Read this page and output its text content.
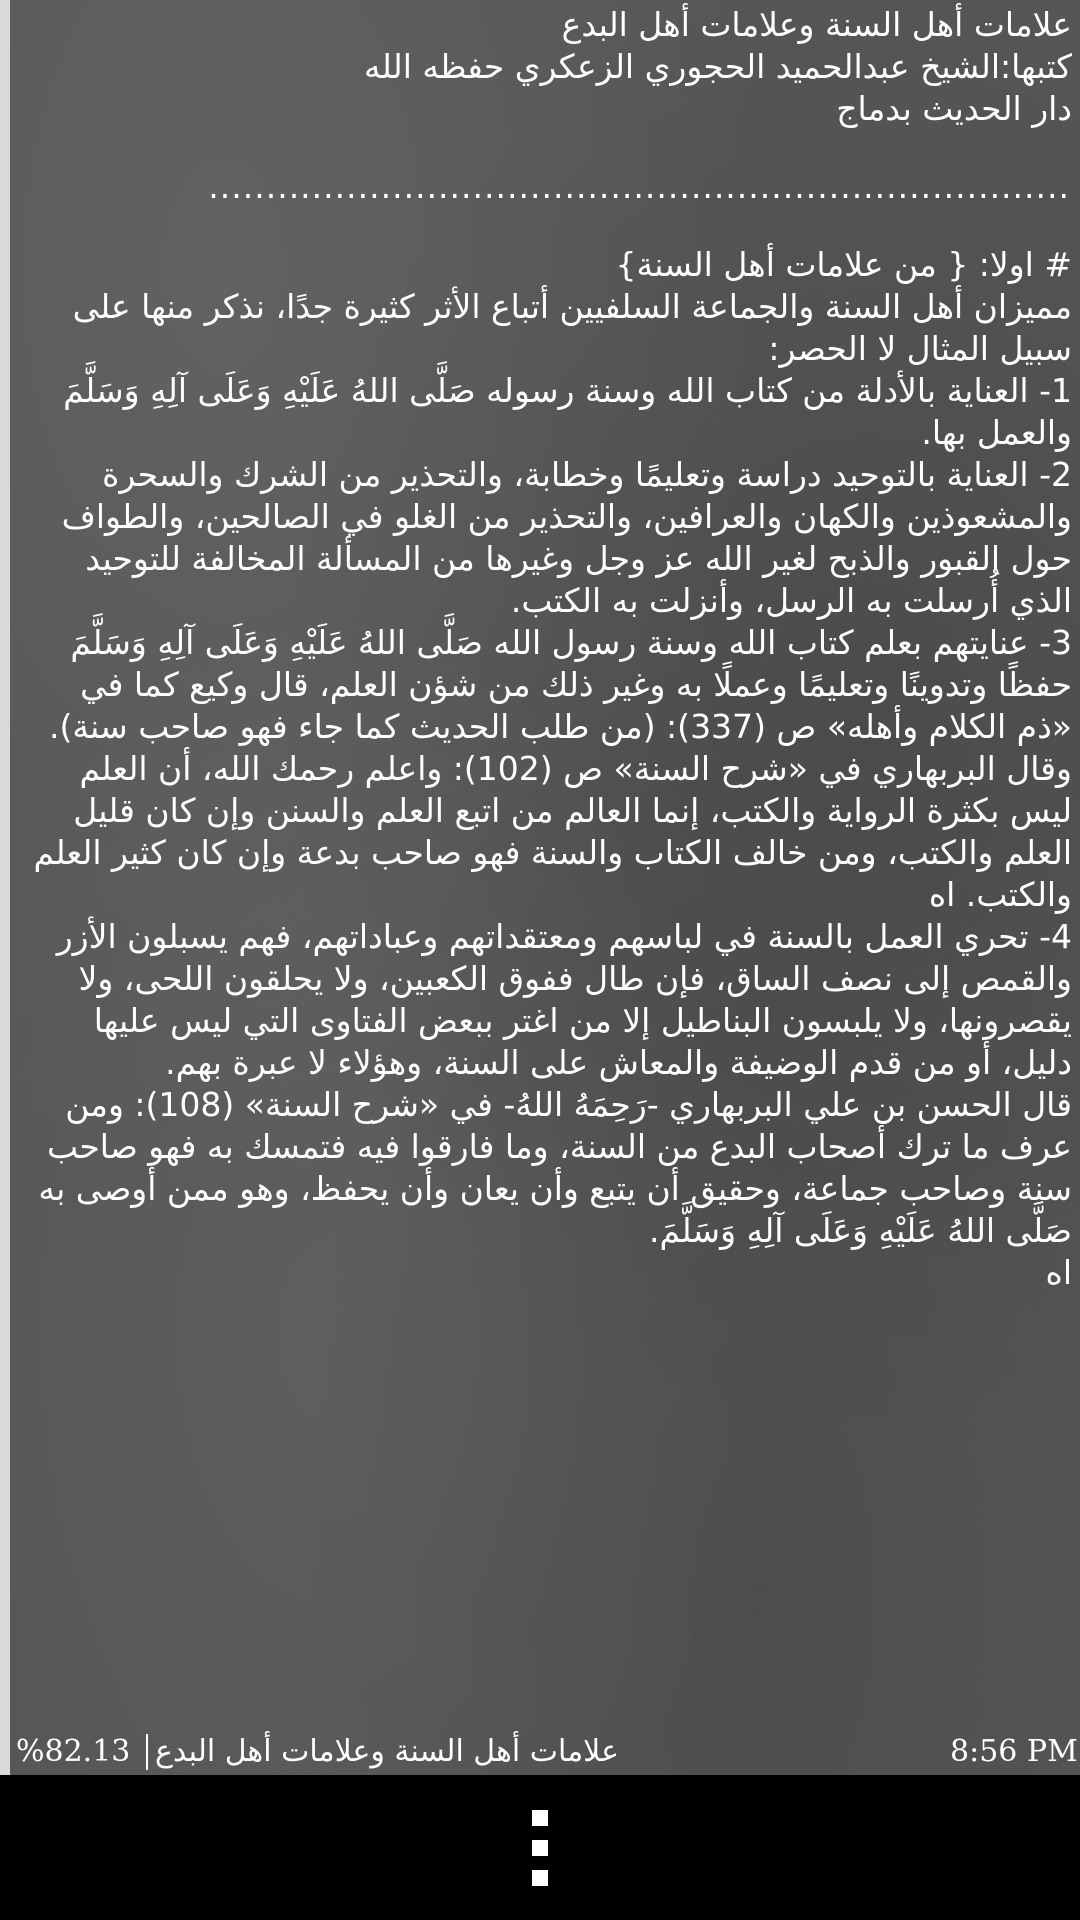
علامات أهل السنة وعلامات أهل البدع

كتبها:الشيخ عبدالحميد الحجوري الزعكري حفظه الله

دار الحديث بدماج

...........................................................................

# اولا: { من علامات أهل السنة}

مميزان أهل السنة والجماعة السلفيين أتباع الأثر كثيرة جدًا، نذكر منها على سبيل المثال لا الحصر:

1- العناية بالأدلة من كتاب الله وسنة رسوله صَلَّى اللهُ عَلَيْهِ وَعَلَى آلِهِ وَسَلَّمَ والعمل بها.

2- العناية بالتوحيد دراسة وتعليمًا وخطابة، والتحذير من الشرك والسحرة والمشعوذين والكهان والعرافين، والتحذير من الغلو في الصالحين، والطواف حول القبور والذبح لغير الله عز وجل وغيرها من المسألة المخالفة للتوحيد الذي أُرسلت به الرسل، وأنزلت به الكتب.

3- عنايتهم بعلم كتاب الله وسنة رسول الله صَلَّى اللهُ عَلَيْهِ وَعَلَى آلِهِ وَسَلَّمَ حفظًا وتدوينًا وتعليمًا وعملًا به وغير ذلك من شؤن العلم، قال وكيع كما في «ذم الكلام وأهله» ص (337): (من طلب الحديث كما جاء فهو صاحب سنة).

وقال البربهاري في «شرح السنة» ص (102): واعلم رحمك الله، أن العلم ليس بكثرة الرواية والكتب، إنما العالم من اتبع العلم والسنن وإن كان قليل العلم والكتب، ومن خالف الكتاب والسنة فهو صاحب بدعة وإن كان كثير العلم والكتب. اه

4- تحري العمل بالسنة في لباسهم ومعتقداتهم وعباداتهم، فهم يسبلون الأزر والقمص إلى نصف الساق، فإن طال ففوق الكعبين، ولا يحلقون اللحى، ولا يقصرونها، ولا يلبسون البناطيل إلا من اغتر ببعض الفتاوى التي ليس عليها دليل، أو من قدم الوضيفة والمعاش على السنة، وهؤلاء لا عبرة بهم.

قال الحسن بن علي البربهاري -رَحِمَهُ اللهُ- في «شرح السنة» (108): ومن عرف ما ترك أصحاب البدع من السنة، وما فارقوا فيه فتمسك به فهو صاحب سنة وصاحب جماعة، وحقيق أن يتبع وأن يعان وأن يحفظ، وهو ممن أوصى به صَلَّى اللهُ عَلَيْهِ وَعَلَى آلِهِ وَسَلَّمَ.

اه

%82.13 علامات أهل السنة وعلامات أهل البدع	8:56 PM
